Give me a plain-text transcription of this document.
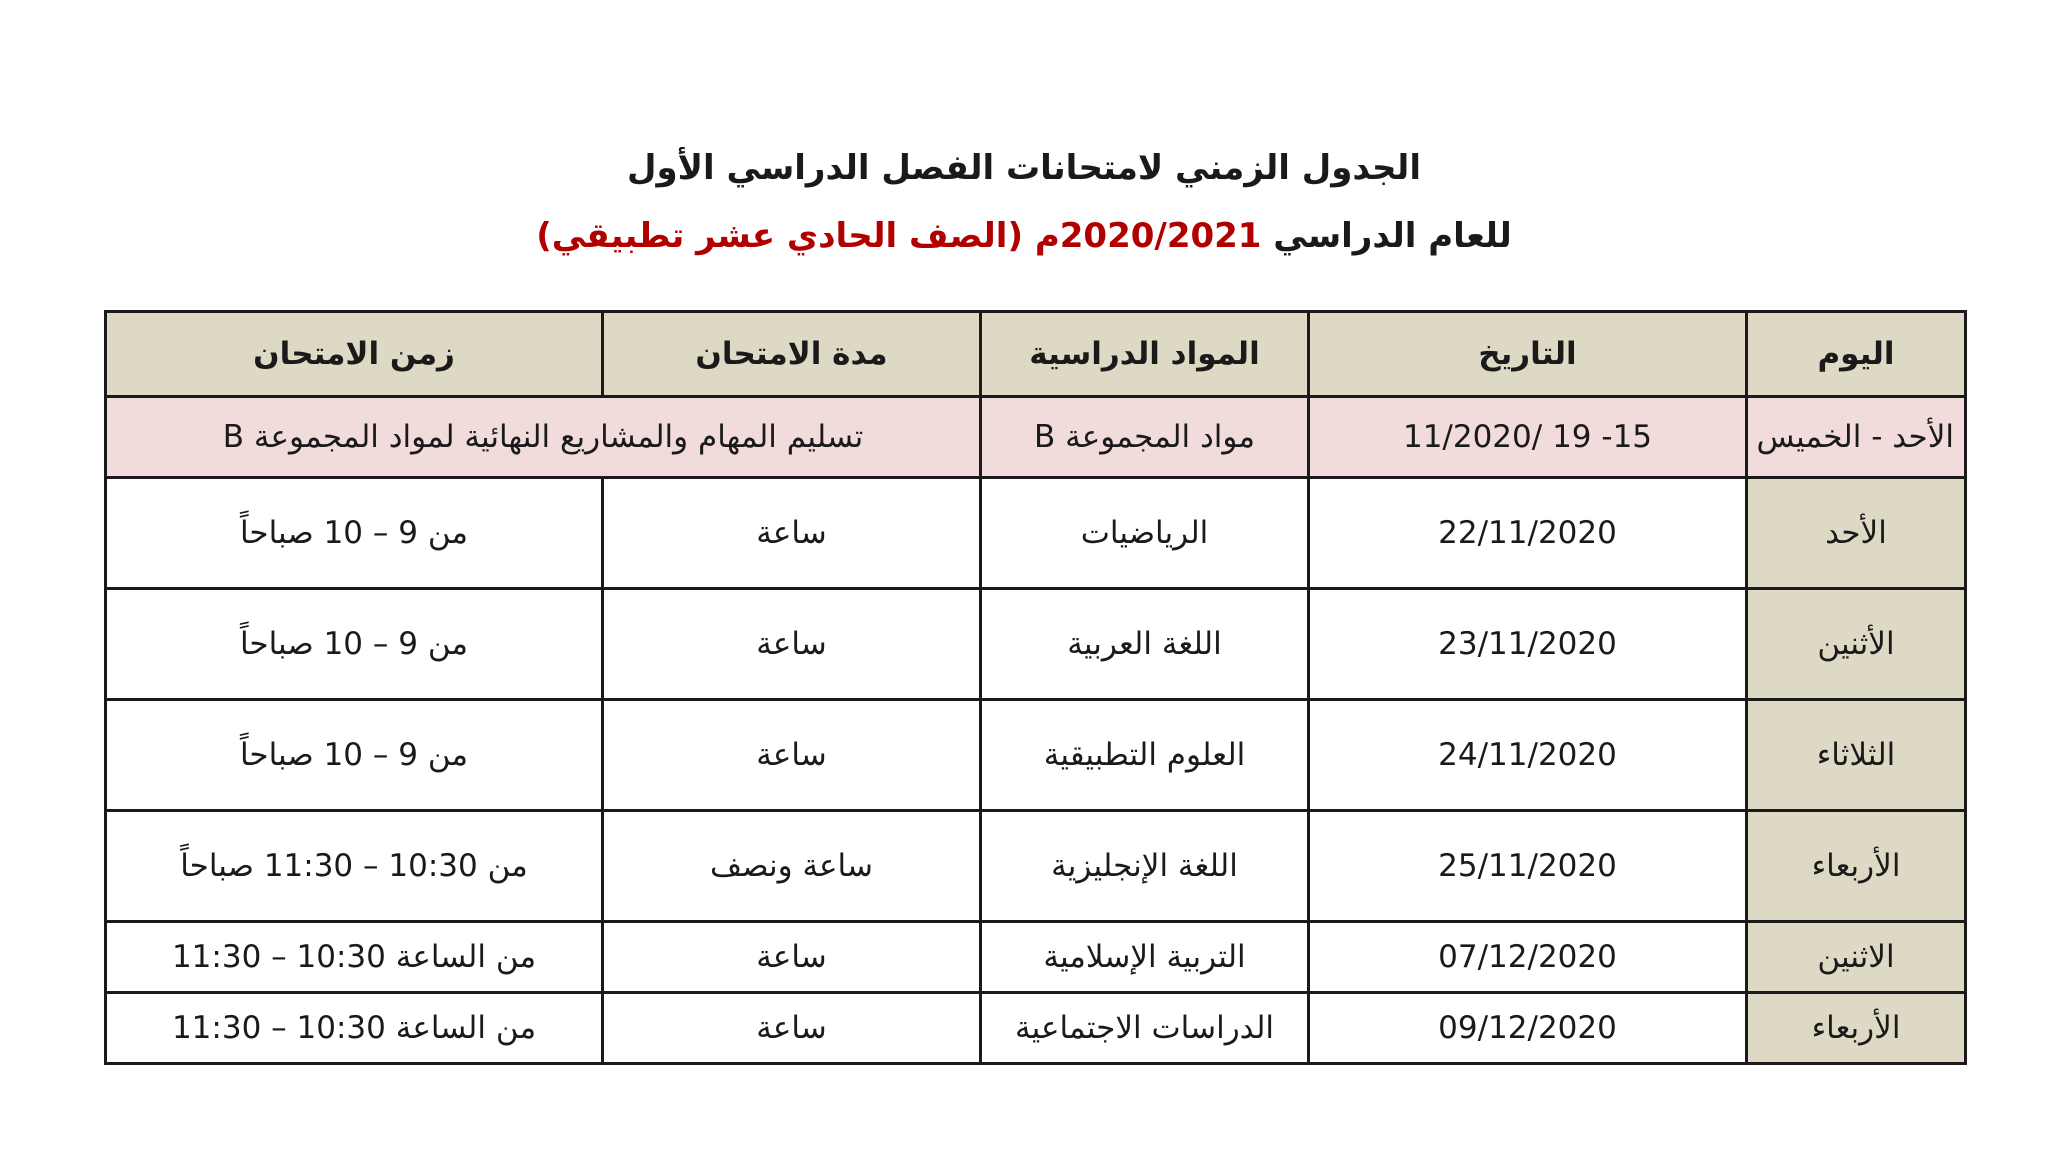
الجدول الزمني لامتحانات الفصل الدراسي الأول
للعام الدراسي 2020/2021م (الصف الحادي عشر تطبيقي)
اليوم	التاريخ	المواد الدراسية	مدة الامتحان	زمن الامتحان
الأحد - الخميس	15- 19 /11/2020	مواد المجموعة B	تسليم المهام والمشاريع النهائية لمواد المجموعة B	
الأحد	22/11/2020	الرياضيات	ساعة	من 9 – 10 صباحاً
الأثنين	23/11/2020	اللغة العربية	ساعة	من 9 – 10 صباحاً
الثلاثاء	24/11/2020	العلوم التطبيقية	ساعة	من 9 – 10 صباحاً
الأربعاء	25/11/2020	اللغة الإنجليزية	ساعة ونصف	من 10:30 – 11:30 صباحاً
الاثنين	07/12/2020	التربية الإسلامية	ساعة	من الساعة 10:30 – 11:30
الأربعاء	09/12/2020	الدراسات الاجتماعية	ساعة	من الساعة 10:30 – 11:30
